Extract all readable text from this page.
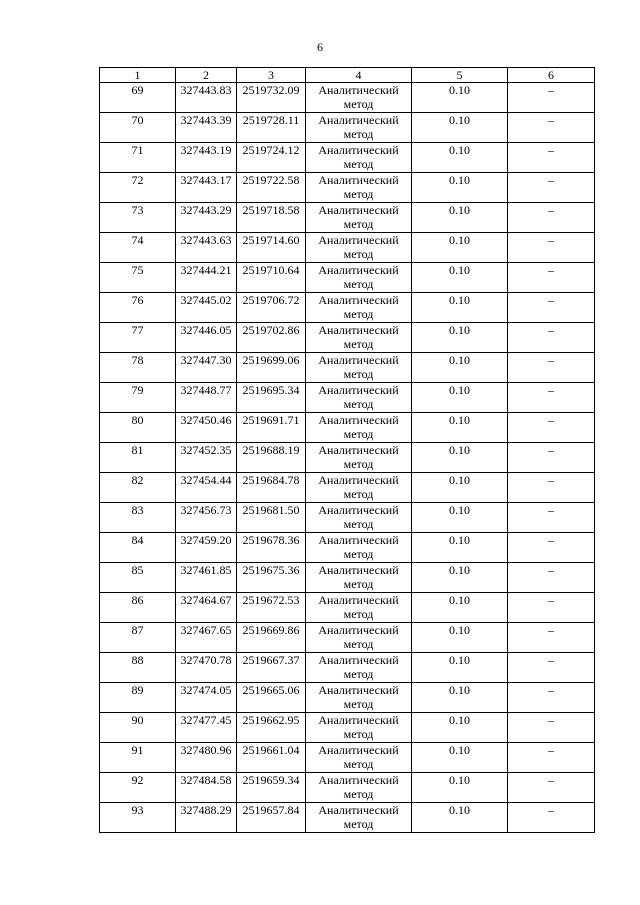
6
1	2	3	4	5	6
69	327443.83	2519732.09	Аналитический метод	0.10	–
70	327443.39	2519728.11	Аналитический метод	0.10	–
71	327443.19	2519724.12	Аналитический метод	0.10	–
72	327443.17	2519722.58	Аналитический метод	0.10	–
73	327443.29	2519718.58	Аналитический метод	0.10	–
74	327443.63	2519714.60	Аналитический метод	0.10	–
75	327444.21	2519710.64	Аналитический метод	0.10	–
76	327445.02	2519706.72	Аналитический метод	0.10	–
77	327446.05	2519702.86	Аналитический метод	0.10	–
78	327447.30	2519699.06	Аналитический метод	0.10	–
79	327448.77	2519695.34	Аналитический метод	0.10	–
80	327450.46	2519691.71	Аналитический метод	0.10	–
81	327452.35	2519688.19	Аналитический метод	0.10	–
82	327454.44	2519684.78	Аналитический метод	0.10	–
83	327456.73	2519681.50	Аналитический метод	0.10	–
84	327459.20	2519678.36	Аналитический метод	0.10	–
85	327461.85	2519675.36	Аналитический метод	0.10	–
86	327464.67	2519672.53	Аналитический метод	0.10	–
87	327467.65	2519669.86	Аналитический метод	0.10	–
88	327470.78	2519667.37	Аналитический метод	0.10	–
89	327474.05	2519665.06	Аналитический метод	0.10	–
90	327477.45	2519662.95	Аналитический метод	0.10	–
91	327480.96	2519661.04	Аналитический метод	0.10	–
92	327484.58	2519659.34	Аналитический метод	0.10	–
93	327488.29	2519657.84	Аналитический метод	0.10	–
